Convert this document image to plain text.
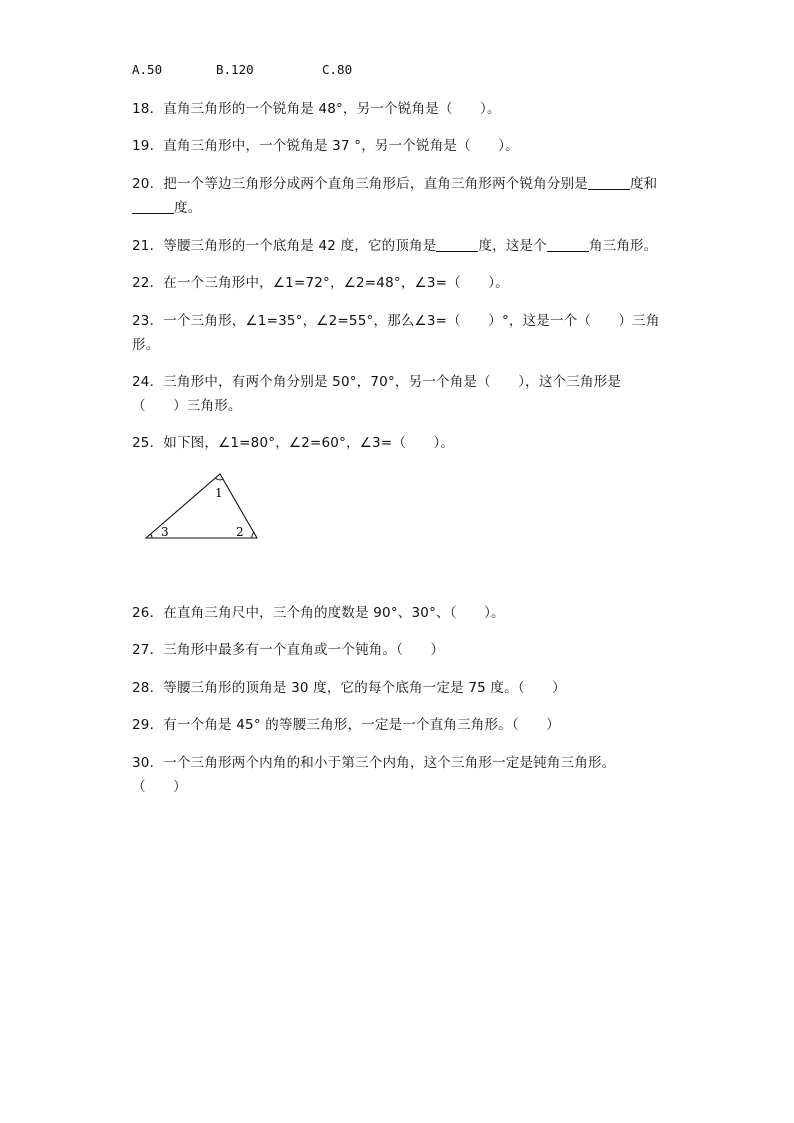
A.50	B.120	C.80
18．直角三角形的一个锐角是 48°，另一个锐角是（　　）。
19．直角三角形中，一个锐角是 37 °，另一个锐角是（　　）。
20．把一个等边三角形分成两个直角三角形后，直角三角形两个锐角分别是	度和
度。
21．等腰三角形的一个底角是 42 度，它的顶角是	度，这是个	角三角形。
22．在一个三角形中，∠1=72°，∠2=48°，∠3=（　　）。
23．一个三角形，∠1=35°，∠2=55°，那么∠3=（　　）°，这是一个（　　）三角
形。
24．三角形中，有两个角分别是 50°，70°，另一个角是（　　），这个三角形是
（　　）三角形。
25．如下图，∠1=80°，∠2=60°，∠3=（　　）。
1
2
3
26．在直角三角尺中，三个角的度数是 90°、30°、（　　）。
27．三角形中最多有一个直角或一个钝角。（　　）
28．等腰三角形的顶角是 30 度，它的每个底角一定是 75 度。（　　）
29．有一个角是 45° 的等腰三角形，一定是一个直角三角形。（　　）
30．一个三角形两个内角的和小于第三个内角，这个三角形一定是钝角三角形。
（　　）
